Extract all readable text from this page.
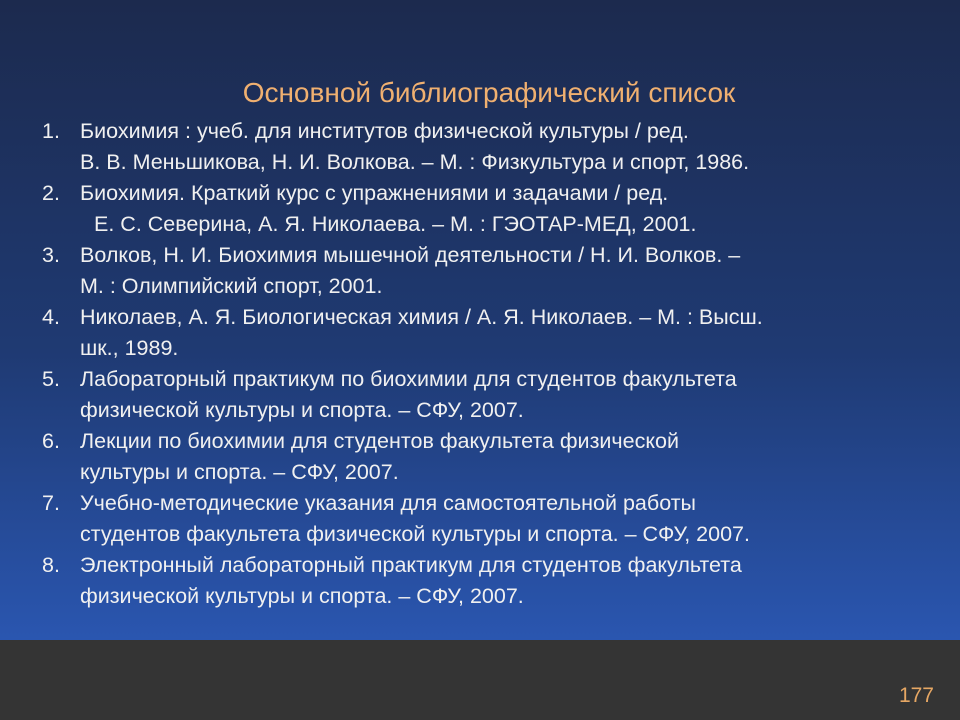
Основной библиографический список
1. Биохимия : учеб. для институтов физической культуры / ред.
В. В. Меньшикова, Н. И. Волкова. – М. : Физкультура и спорт, 1986.
2. Биохимия. Краткий курс с упражнениями и задачами / ред.
Е. С. Северина, А. Я. Николаева. – М. : ГЭОТАР-МЕД, 2001.
3. Волков, Н. И. Биохимия мышечной деятельности / Н. И. Волков. –
М. : Олимпийский спорт, 2001.
4. Николаев, А. Я. Биологическая химия / А. Я. Николаев. – М. : Высш.
шк., 1989.
5. Лабораторный практикум по биохимии для студентов факультета
физической культуры и спорта. – СФУ, 2007.
6. Лекции по биохимии для студентов факультета физической
культуры и спорта. – СФУ, 2007.
7. Учебно-методические указания для самостоятельной работы
студентов факультета физической культуры и спорта. – СФУ, 2007.
8. Электронный лабораторный практикум для студентов факультета
физической культуры и спорта. – СФУ, 2007.
177
